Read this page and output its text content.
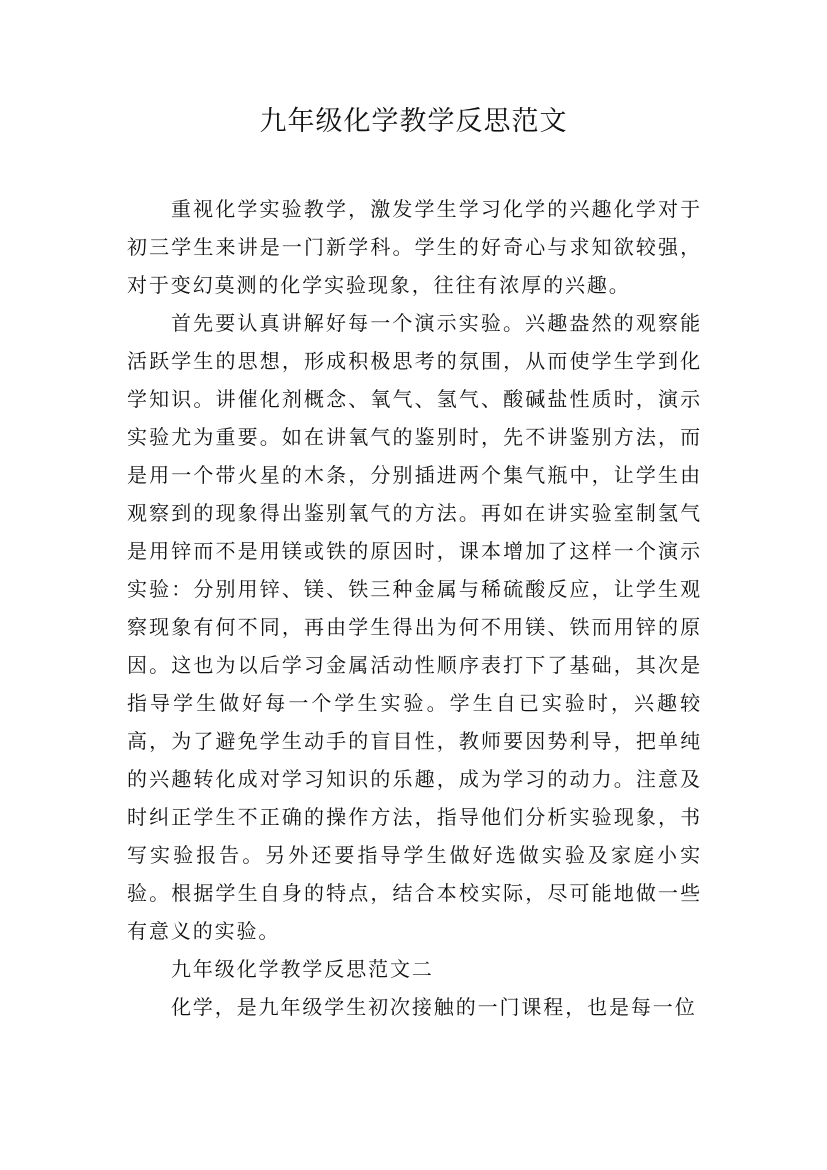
九年级化学教学反思范文

重视化学实验教学，激发学生学习化学的兴趣化学对于初三学生来讲是一门新学科。学生的好奇心与求知欲较强，对于变幻莫测的化学实验现象，往往有浓厚的兴趣。

首先要认真讲解好每一个演示实验。兴趣盎然的观察能活跃学生的思想，形成积极思考的氛围，从而使学生学到化学知识。讲催化剂概念、氧气、氢气、酸碱盐性质时，演示实验尤为重要。如在讲氧气的鉴别时，先不讲鉴别方法，而是用一个带火星的木条，分别插进两个集气瓶中，让学生由观察到的现象得出鉴别氧气的方法。再如在讲实验室制氢气是用锌而不是用镁或铁的原因时，课本增加了这样一个演示实验：分别用锌、镁、铁三种金属与稀硫酸反应，让学生观察现象有何不同，再由学生得出为何不用镁、铁而用锌的原因。这也为以后学习金属活动性顺序表打下了基础，其次是指导学生做好每一个学生实验。学生自已实验时，兴趣较高，为了避免学生动手的盲目性，教师要因势利导，把单纯的兴趣转化成对学习知识的乐趣，成为学习的动力。注意及时纠正学生不正确的操作方法，指导他们分析实验现象，书写实验报告。另外还要指导学生做好选做实验及家庭小实验。根据学生自身的特点，结合本校实际，尽可能地做一些有意义的实验。

九年级化学教学反思范文二

化学，是九年级学生初次接触的一门课程，也是每一位
